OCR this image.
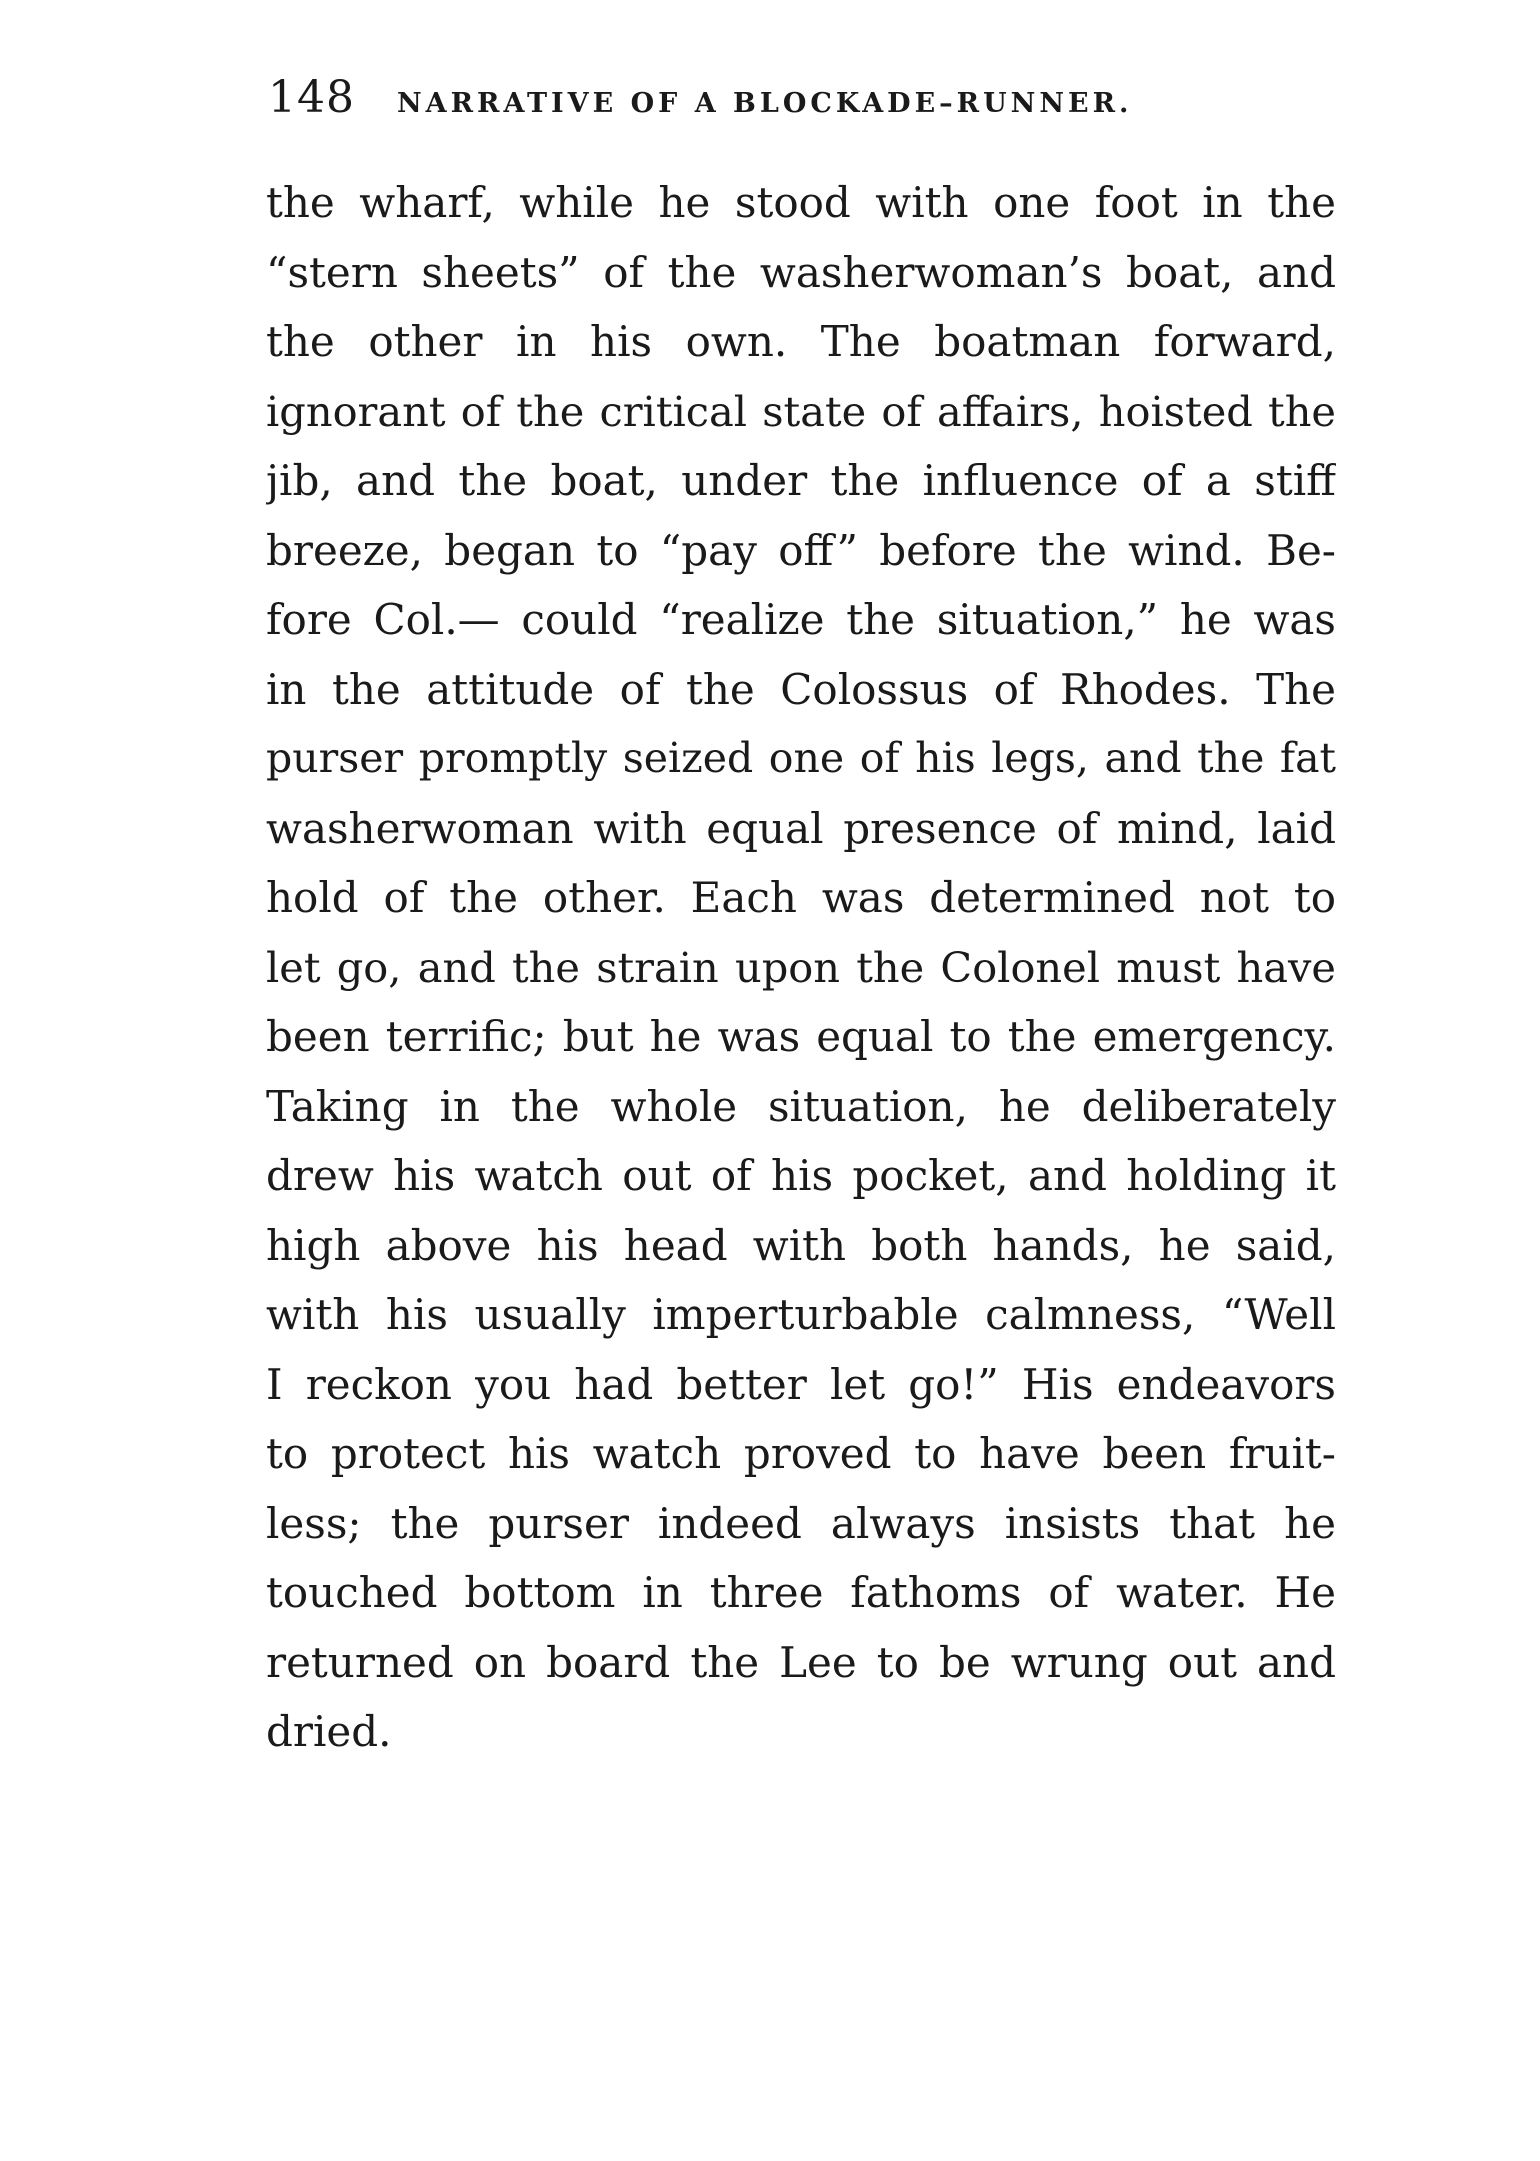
148 NARRATIVE OF A BLOCKADE–RUNNER.
the wharf, while he stood with one foot in the
“stern sheets” of the washerwoman’s boat, and
the other in his own. The boatman forward,
ignorant of the critical state of affairs, hoisted the
jib, and the boat, under the influence of a stiff
breeze, began to “pay off” before the wind. Be-
fore Col.— could “realize the situation,” he was
in the attitude of the Colossus of Rhodes. The
purser promptly seized one of his legs, and the fat
washerwoman with equal presence of mind, laid
hold of the other. Each was determined not to
let go, and the strain upon the Colonel must have
been terrific; but he was equal to the emergency.
Taking in the whole situation, he deliberately
drew his watch out of his pocket, and holding it
high above his head with both hands, he said,
with his usually imperturbable calmness, “Well
I reckon you had better let go!” His endeavors
to protect his watch proved to have been fruit-
less; the purser indeed always insists that he
touched bottom in three fathoms of water. He
returned on board the Lee to be wrung out and
dried.
